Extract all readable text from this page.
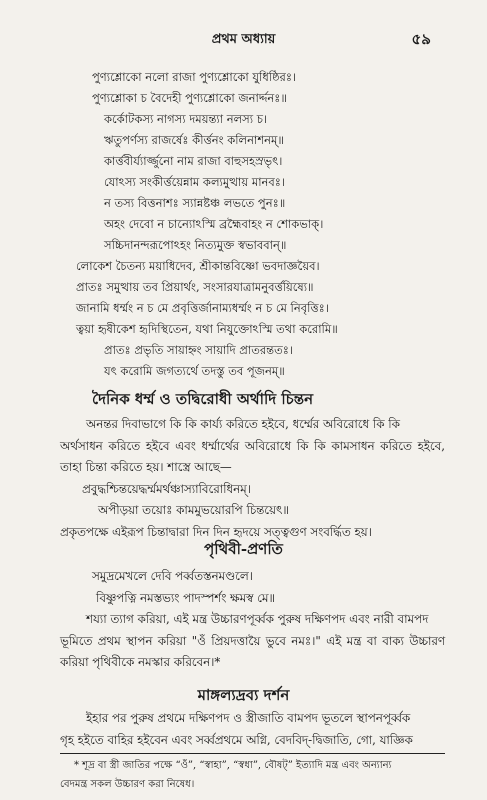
প্রথম অধ্যায়	৫৯
পুণ্যশ্লোকো নলো রাজা পুণ্যশ্লোকো যুধিষ্ঠিরঃ।
পুণ্যশ্লোকা চ বৈদেহী পুণ্যশ্লোকো জনার্দ্দনঃ॥
কর্কোটকস্য নাগস্য দময়ন্ত্যা নলস্য চ।
ঋতুপর্ণস্য রাজর্ষেঃ কীর্ত্তনং কলিনাশনম্॥
কার্ত্তবীর্য্যার্জ্জুনো নাম রাজা বাহুসহস্রভৃৎ।
যোঽস্য সংকীর্ত্তয়েন্নাম কল্যমুত্থায় মানবঃ।
ন তস্য বিত্তনাশঃ স্যান্নষ্টঞ্চ লভতে পুনঃ॥
অহং দেবো ন চান্যোঽস্মি ব্রহ্মৈবাহং ন শোকভাক্।
সচ্চিদানন্দরূপোঽহং নিত্যমুক্ত স্বভাববান্॥
লোকেশ চৈতন্য ময়াধিদেব, শ্রীকান্তবিষ্ণো ভবদাজ্ঞয়ৈব।
প্রাতঃ সমুত্থায় তব প্রিয়ার্থং, সংসারযাত্রামনুবর্ত্তয়িষ্যে॥
জানামি ধর্ম্মং ন চ মে প্রবৃত্তির্জানাম্যধর্ম্মং ন চ মে নিবৃত্তিঃ।
ত্বয়া হৃষীকেশ হৃদিস্থিতেন, যথা নিযুক্তোঽস্মি তথা করোমি॥
প্রাতঃ প্রভৃতি সায়াহ্নং সায়াদি প্রাতরন্ততঃ।
যৎ করোমি জগত্যর্থে তদস্তু তব পূজনম্॥
দৈনিক ধর্ম্ম ও তদ্বিরোধী অর্থাদি চিন্তন
অনন্তর দিবাভাগে কি কি কার্য্য করিতে হইবে, ধর্ম্মের অবিরোধে কি কি
অর্থসাধন করিতে হইবে এবং ধর্ম্মার্থের অবিরোধে কি কি কামসাধন করিতে হইবে, তাহা চিন্তা করিতে হয়। শাস্ত্রে আছে—
প্রবুদ্ধশ্চিন্তয়েদ্ধর্ম্মমর্থঞ্চাস্যাবিরোধিনম্।
অপীড়য়া তয়োঃ কামমুভয়োরপি চিন্তয়েৎ॥
প্রকৃতপক্ষে এইরূপ চিন্তাদ্বারা দিন দিন হৃদয়ে সত্ত্বগুণ সংবর্দ্ধিত হয়।
পৃথিবী-প্রণতি
সমুদ্রমেখলে দেবি পর্ব্বতস্তনমণ্ডলে।
বিষ্ণুপত্নি নমস্তভ্যং পাদস্পর্শং ক্ষমস্ব মে॥
শয্যা ত্যাগ করিয়া, এই মন্ত্র উচ্চারণপূর্ব্বক পুরুষ দক্ষিণপদ এবং নারী বামপদ
ভূমিতে প্রথম স্থাপন করিয়া "ওঁ প্রিয়দত্তায়ৈ ভুবে নমঃ।" এই মন্ত্র বা বাক্য উচ্চারণ করিয়া পৃথিবীকে নমস্কার করিবেন।*
মাঙ্গল্যদ্রব্য দর্শন
ইহার পর পুরুষ প্রথমে দক্ষিণপদ ও স্ত্রীজাতি বামপদ ভূতলে স্থাপনপূর্ব্বক
গৃহ হইতে বাহির হইবেন এবং সর্ব্বপ্রথমে অগ্নি, বেদবিদ্-দ্বিজাতি, গো, যাজ্ঞিক
* শূদ্র বা স্ত্রী জাতির পক্ষে “ওঁ”, “স্বাহা”, “স্বধা”, বৌষট্” ইত্যাদি মন্ত্র এবং অন্যান্য
বেদমন্ত্র সকল উচ্চারণ করা নিষেধ।
